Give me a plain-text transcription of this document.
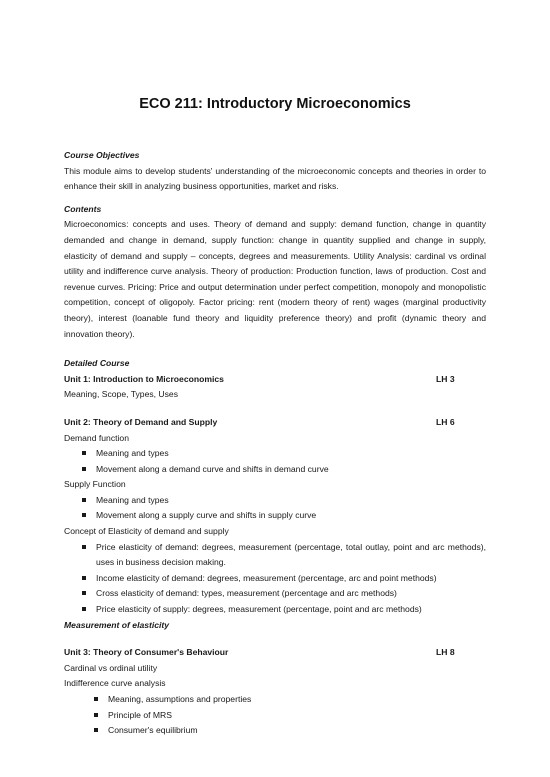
ECO 211: Introductory Microeconomics
Course Objectives
This module aims to develop students' understanding of the microeconomic concepts and theories in order to enhance their skill in analyzing business opportunities, market and risks.
Contents
Microeconomics: concepts and uses. Theory of demand and supply: demand function, change in quantity demanded and change in demand, supply function: change in quantity supplied and change in supply, elasticity of demand and supply – concepts, degrees and measurements. Utility Analysis: cardinal vs ordinal utility and indifference curve analysis. Theory of production: Production function, laws of production. Cost and revenue curves. Pricing: Price and output determination under perfect competition, monopoly and monopolistic competition, concept of oligopoly. Factor pricing: rent (modern theory of rent) wages (marginal productivity theory), interest (loanable fund theory and liquidity preference theory) and profit (dynamic theory and innovation theory).
Detailed Course
Unit 1: Introduction to Microeconomics	LH 3
Meaning, Scope, Types, Uses
Unit 2: Theory of Demand and Supply	LH 6
Demand function
Meaning and types
Movement along a demand curve and shifts in demand curve
Supply Function
Meaning and types
Movement along a supply curve and shifts in supply curve
Concept of Elasticity of demand and supply
Price elasticity of demand: degrees, measurement (percentage, total outlay, point and arc methods), uses in business decision making.
Income elasticity of demand: degrees, measurement (percentage, arc and point methods)
Cross elasticity of demand: types, measurement (percentage and arc methods)
Price elasticity of supply: degrees, measurement (percentage, point and arc methods)
Measurement of elasticity
Unit 3: Theory of Consumer's Behaviour	LH 8
Cardinal vs ordinal utility
Indifference curve analysis
Meaning, assumptions and properties
Principle of MRS
Consumer's equilibrium
